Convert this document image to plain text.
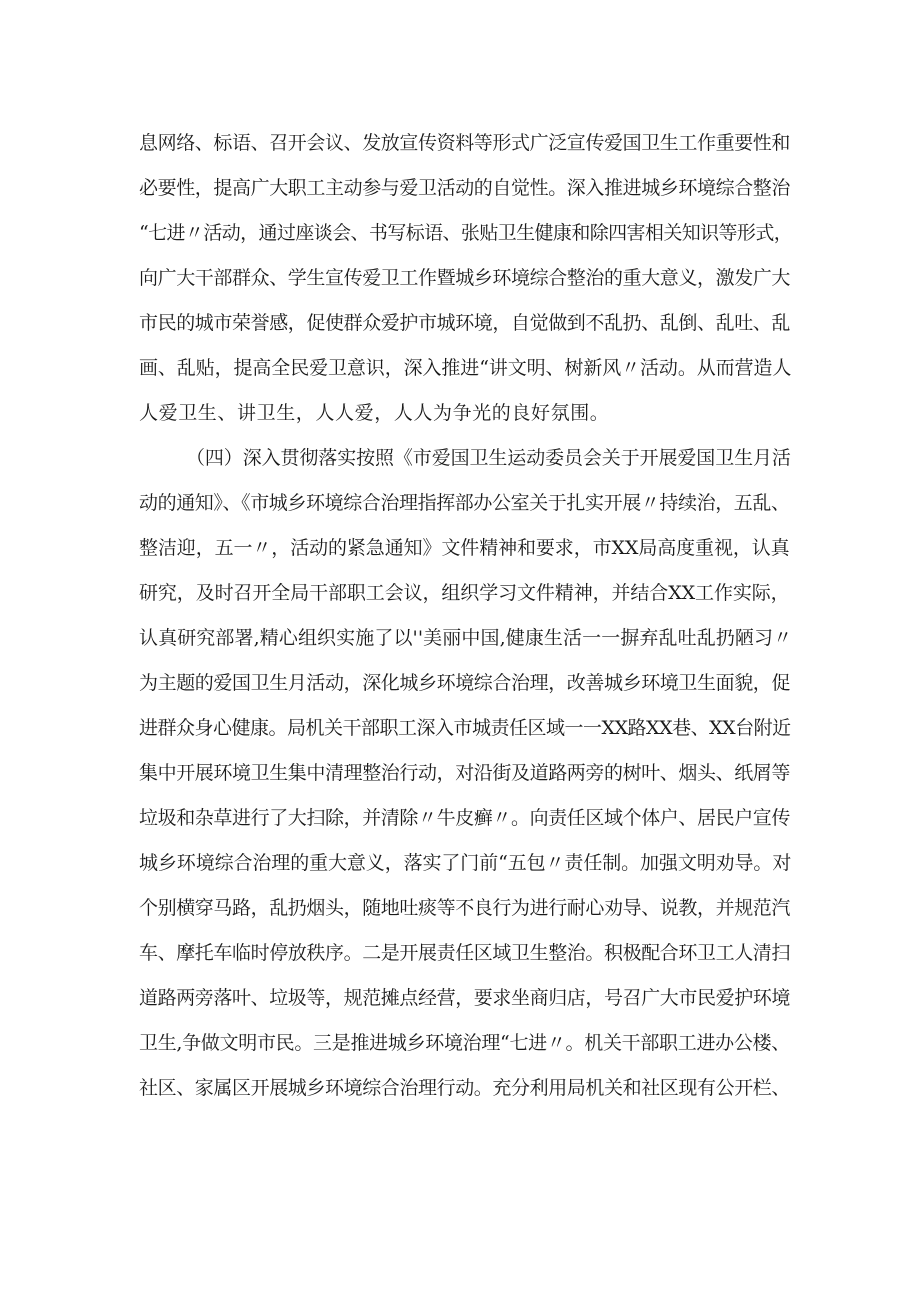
息网络、标语、召开会议、发放宣传资料等形式广泛宣传爱国卫生工作重要性和
必要性，提高广大职工主动参与爱卫活动的自觉性。深入推进城乡环境综合整治
“七进〃活动，通过座谈会、书写标语、张贴卫生健康和除四害相关知识等形式，
向广大干部群众、学生宣传爱卫工作暨城乡环境综合整治的重大意义，激发广大
市民的城市荣誉感，促使群众爱护市城环境，自觉做到不乱扔、乱倒、乱吐、乱
画、乱贴，提高全民爱卫意识，深入推进“讲文明、树新风〃活动。从而营造人
人爱卫生、讲卫生，人人爱，人人为争光的良好氛围。
（四）深入贯彻落实按照《市爱国卫生运动委员会关于开展爱国卫生月活
动的通知》、《市城乡环境综合治理指挥部办公室关于扎实开展〃持续治，五乱、
整洁迎，五一〃，活动的紧急通知》文件精神和要求，市XX局高度重视，认真
研究，及时召开全局干部职工会议，组织学习文件精神，并结合XX工作实际，
认真研究部署,精心组织实施了以''美丽中国,健康生活一一摒弃乱吐乱扔陋习〃
为主题的爱国卫生月活动，深化城乡环境综合治理，改善城乡环境卫生面貌，促
进群众身心健康。局机关干部职工深入市城责任区域一一XX路XX巷、XX台附近
集中开展环境卫生集中清理整治行动，对沿街及道路两旁的树叶、烟头、纸屑等
垃圾和杂草进行了大扫除，并清除〃牛皮癣〃。向责任区域个体户、居民户宣传
城乡环境综合治理的重大意义，落实了门前“五包〃责任制。加强文明劝导。对
个别横穿马路，乱扔烟头，随地吐痰等不良行为进行耐心劝导、说教，并规范汽
车、摩托车临时停放秩序。二是开展责任区域卫生整治。积极配合环卫工人清扫
道路两旁落叶、垃圾等，规范摊点经营，要求坐商归店，号召广大市民爱护环境
卫生,争做文明市民。三是推进城乡环境治理“七进〃。机关干部职工进办公楼、
社区、家属区开展城乡环境综合治理行动。充分利用局机关和社区现有公开栏、
